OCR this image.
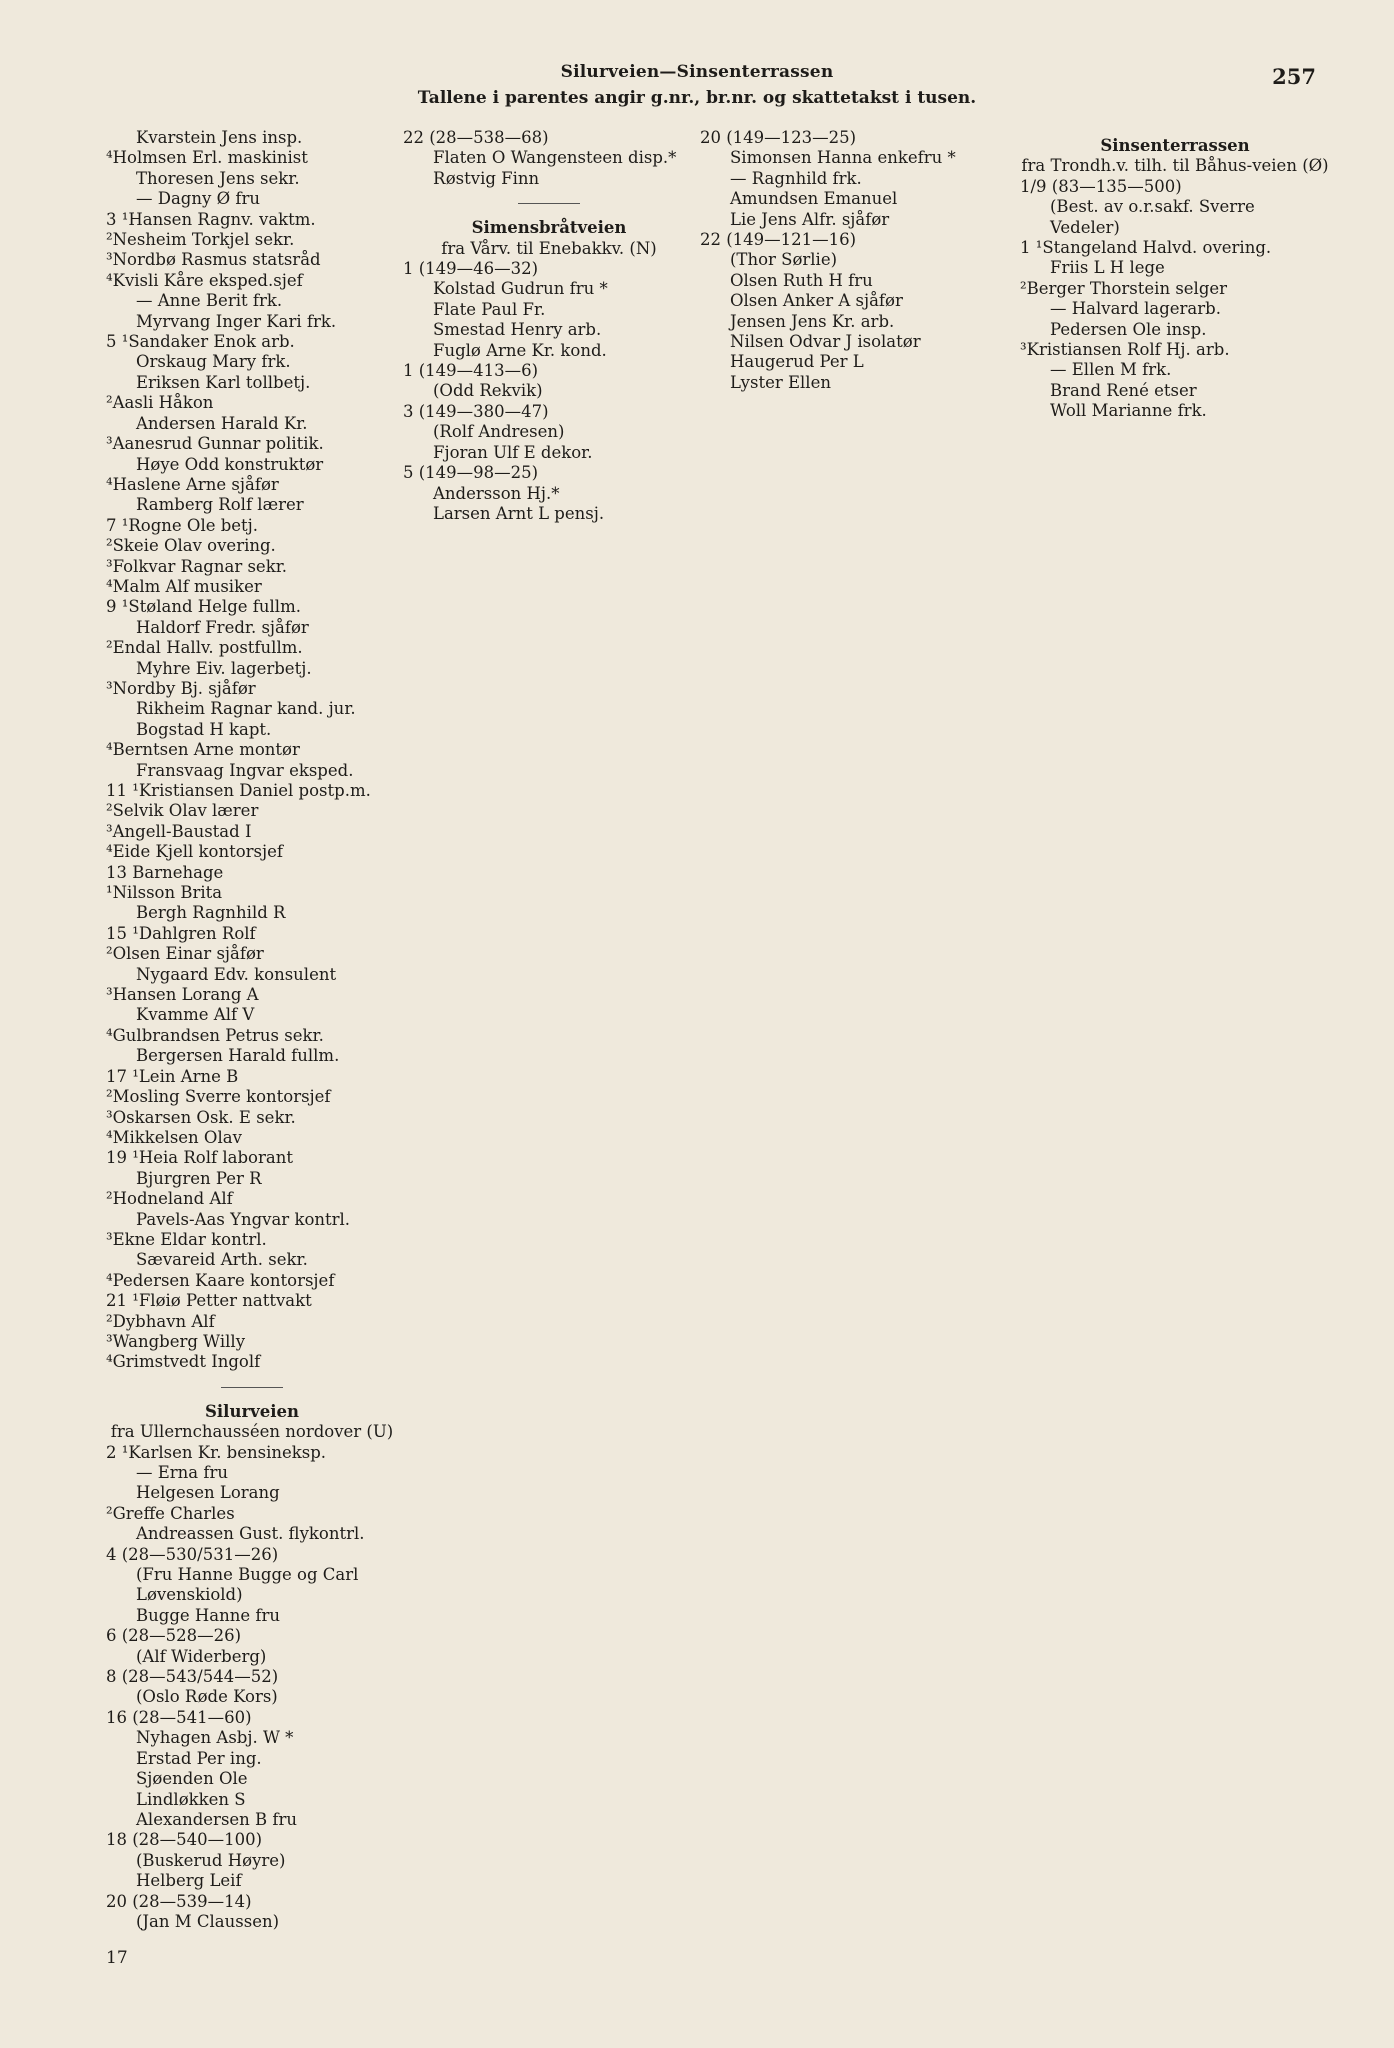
Silurveien—Sinsenterrassen
Tallene i parentes angir g.nr., br.nr. og skattetakst i tusen.
257
Kvarstein Jens insp.
⁴Holmsen Erl. maskinist
Thoresen Jens sekr.
— Dagny Ø fru
3 ¹Hansen Ragnv. vaktm.
²Nesheim Torkjel sekr.
³Nordbø Rasmus statsråd
⁴Kvisli Kåre eksped.sjef
— Anne Berit frk.
Myrvang Inger Kari frk.
5 ¹Sandaker Enok arb.
Orskaug Mary frk.
Eriksen Karl tollbetj.
²Aasli Håkon
Andersen Harald Kr.
³Aanesrud Gunnar politik.
Høye Odd konstruktør
⁴Haslene Arne sjåfør
Ramberg Rolf lærer
7 ¹Rogne Ole betj.
²Skeie Olav overing.
³Folkvar Ragnar sekr.
⁴Malm Alf musiker
9 ¹Støland Helge fullm.
Haldorf Fredr. sjåfør
²Endal Hallv. postfullm.
Myhre Eiv. lagerbetj.
³Nordby Bj. sjåfør
Rikheim Ragnar kand. jur.
Bogstad H kapt.
⁴Berntsen Arne montør
Fransvaag Ingvar eksped.
11 ¹Kristiansen Daniel postp.m.
²Selvik Olav lærer
³Angell-Baustad I
⁴Eide Kjell kontorsjef
13 Barnehage
¹Nilsson Brita
Bergh Ragnhild R
15 ¹Dahlgren Rolf
²Olsen Einar sjåfør
Nygaard Edv. konsulent
³Hansen Lorang A
Kvamme Alf V
⁴Gulbrandsen Petrus sekr.
Bergersen Harald fullm.
17 ¹Lein Arne B
²Mosling Sverre kontorsjef
³Oskarsen Osk. E sekr.
⁴Mikkelsen Olav
19 ¹Heia Rolf laborant
Bjurgren Per R
²Hodneland Alf
Pavels-Aas Yngvar kontrl.
³Ekne Eldar kontrl.
Sævareid Arth. sekr.
⁴Pedersen Kaare kontorsjef
21 ¹Fløiø Petter nattvakt
²Dybhavn Alf
³Wangberg Willy
⁴Grimstvedt Ingolf
Silurveien
fra Ullernchausséen nordover (U)
2 ¹Karlsen Kr. bensineksp.
— Erna fru
Helgesen Lorang
²Greffe Charles
Andreassen Gust. flykontrl.
4 (28—530/531—26)
(Fru Hanne Bugge og Carl
Løvenskiold)
Bugge Hanne fru
6 (28—528—26)
(Alf Widerberg)
8 (28—543/544—52)
(Oslo Røde Kors)
16 (28—541—60)
Nyhagen Asbj. W *
Erstad Per ing.
Sjøenden Ole
Lindløkken S
Alexandersen B fru
18 (28—540—100)
(Buskerud Høyre)
Helberg Leif
20 (28—539—14)
(Jan M Claussen)
22 (28—538—68)
Flaten O Wangensteen disp.*
Røstvig Finn
Simensbråtveien
fra Vårv. til Enebakkv. (N)
1 (149—46—32)
Kolstad Gudrun fru *
Flate Paul Fr.
Smestad Henry arb.
Fuglø Arne Kr. kond.
1 (149—413—6)
(Odd Rekvik)
3 (149—380—47)
(Rolf Andresen)
Fjoran Ulf E dekor.
5 (149—98—25)
Andersson Hj.*
Larsen Arnt L pensj.
20 (149—123—25)
Simonsen Hanna enkefru *
— Ragnhild frk.
Amundsen Emanuel
Lie Jens Alfr. sjåfør
22 (149—121—16)
(Thor Sørlie)
Olsen Ruth H fru
Olsen Anker A sjåfør
Jensen Jens Kr. arb.
Nilsen Odvar J isolatør
Haugerud Per L
Lyster Ellen
Sinsenterrassen
fra Trondh.v. tilh. til Båhus-veien (Ø)
1/9 (83—135—500)
(Best. av o.r.sakf. Sverre
Vedeler)
1 ¹Stangeland Halvd. overing.
Friis L H lege
²Berger Thorstein selger
— Halvard lagerarb.
Pedersen Ole insp.
³Kristiansen Rolf Hj. arb.
— Ellen M frk.
Brand René etser
Woll Marianne frk.
17
